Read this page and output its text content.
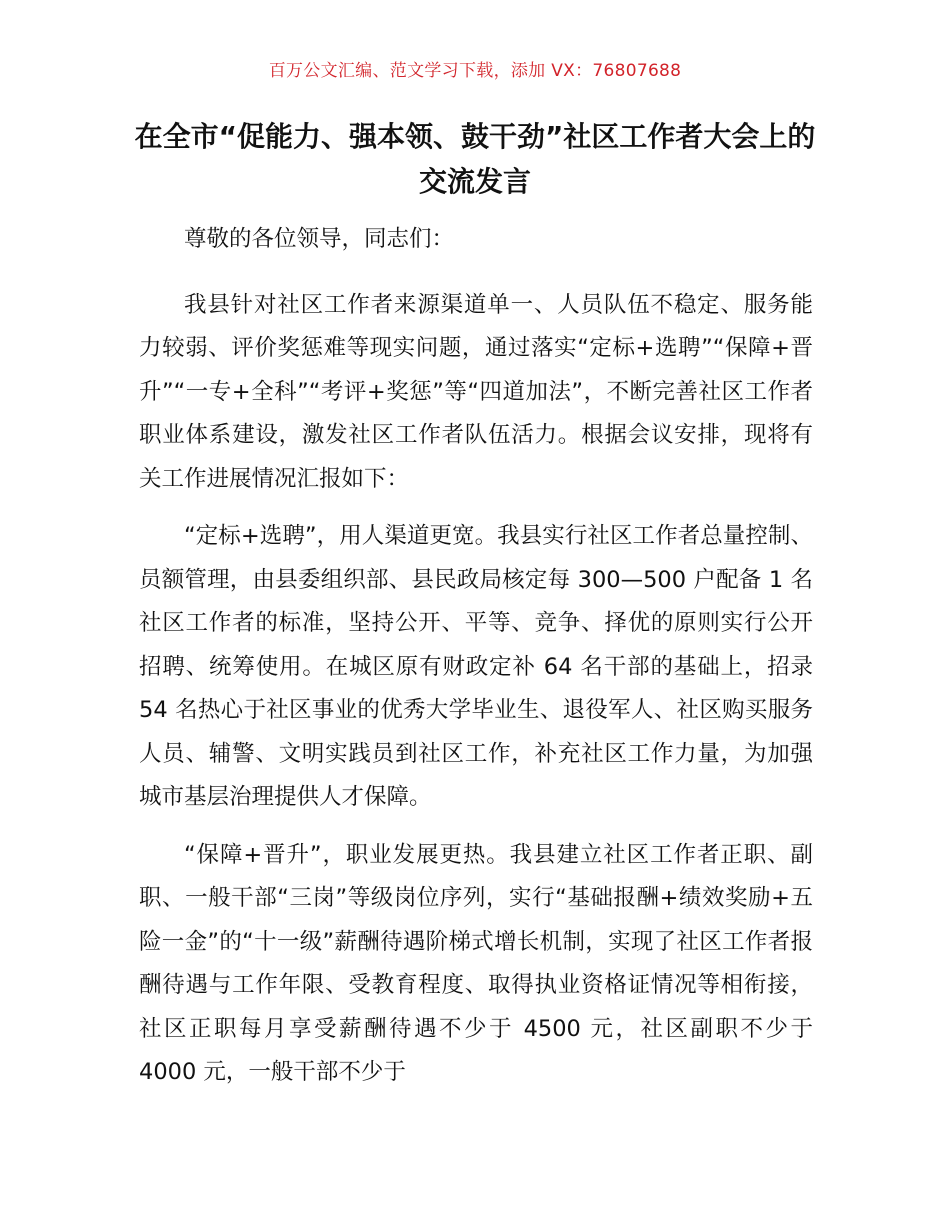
百万公文汇编、范文学习下载，添加 VX：76807688
在全市“促能力、强本领、鼓干劲”社区工作者大会上的交流发言

尊敬的各位领导，同志们：

我县针对社区工作者来源渠道单一、人员队伍不稳定、服务能力较弱、评价奖惩难等现实问题，通过落实“定标+选聘”“保障+晋升”“一专+全科”“考评+奖惩”等“四道加法”，不断完善社区工作者职业体系建设，激发社区工作者队伍活力。根据会议安排，现将有关工作进展情况汇报如下：

“定标+选聘”，用人渠道更宽。我县实行社区工作者总量控制、员额管理，由县委组织部、县民政局核定每 300—500 户配备 1 名社区工作者的标准，坚持公开、平等、竞争、择优的原则实行公开招聘、统筹使用。在城区原有财政定补 64 名干部的基础上，招录 54 名热心于社区事业的优秀大学毕业生、退役军人、社区购买服务人员、辅警、文明实践员到社区工作，补充社区工作力量，为加强城市基层治理提供人才保障。

“保障+晋升”，职业发展更热。我县建立社区工作者正职、副职、一般干部“三岗”等级岗位序列，实行“基础报酬+绩效奖励+五险一金”的“十一级”薪酬待遇阶梯式增长机制，实现了社区工作者报酬待遇与工作年限、受教育程度、取得执业资格证情况等相衔接，社区正职每月享受薪酬待遇不少于 4500 元，社区副职不少于 4000 元，一般干部不少于
